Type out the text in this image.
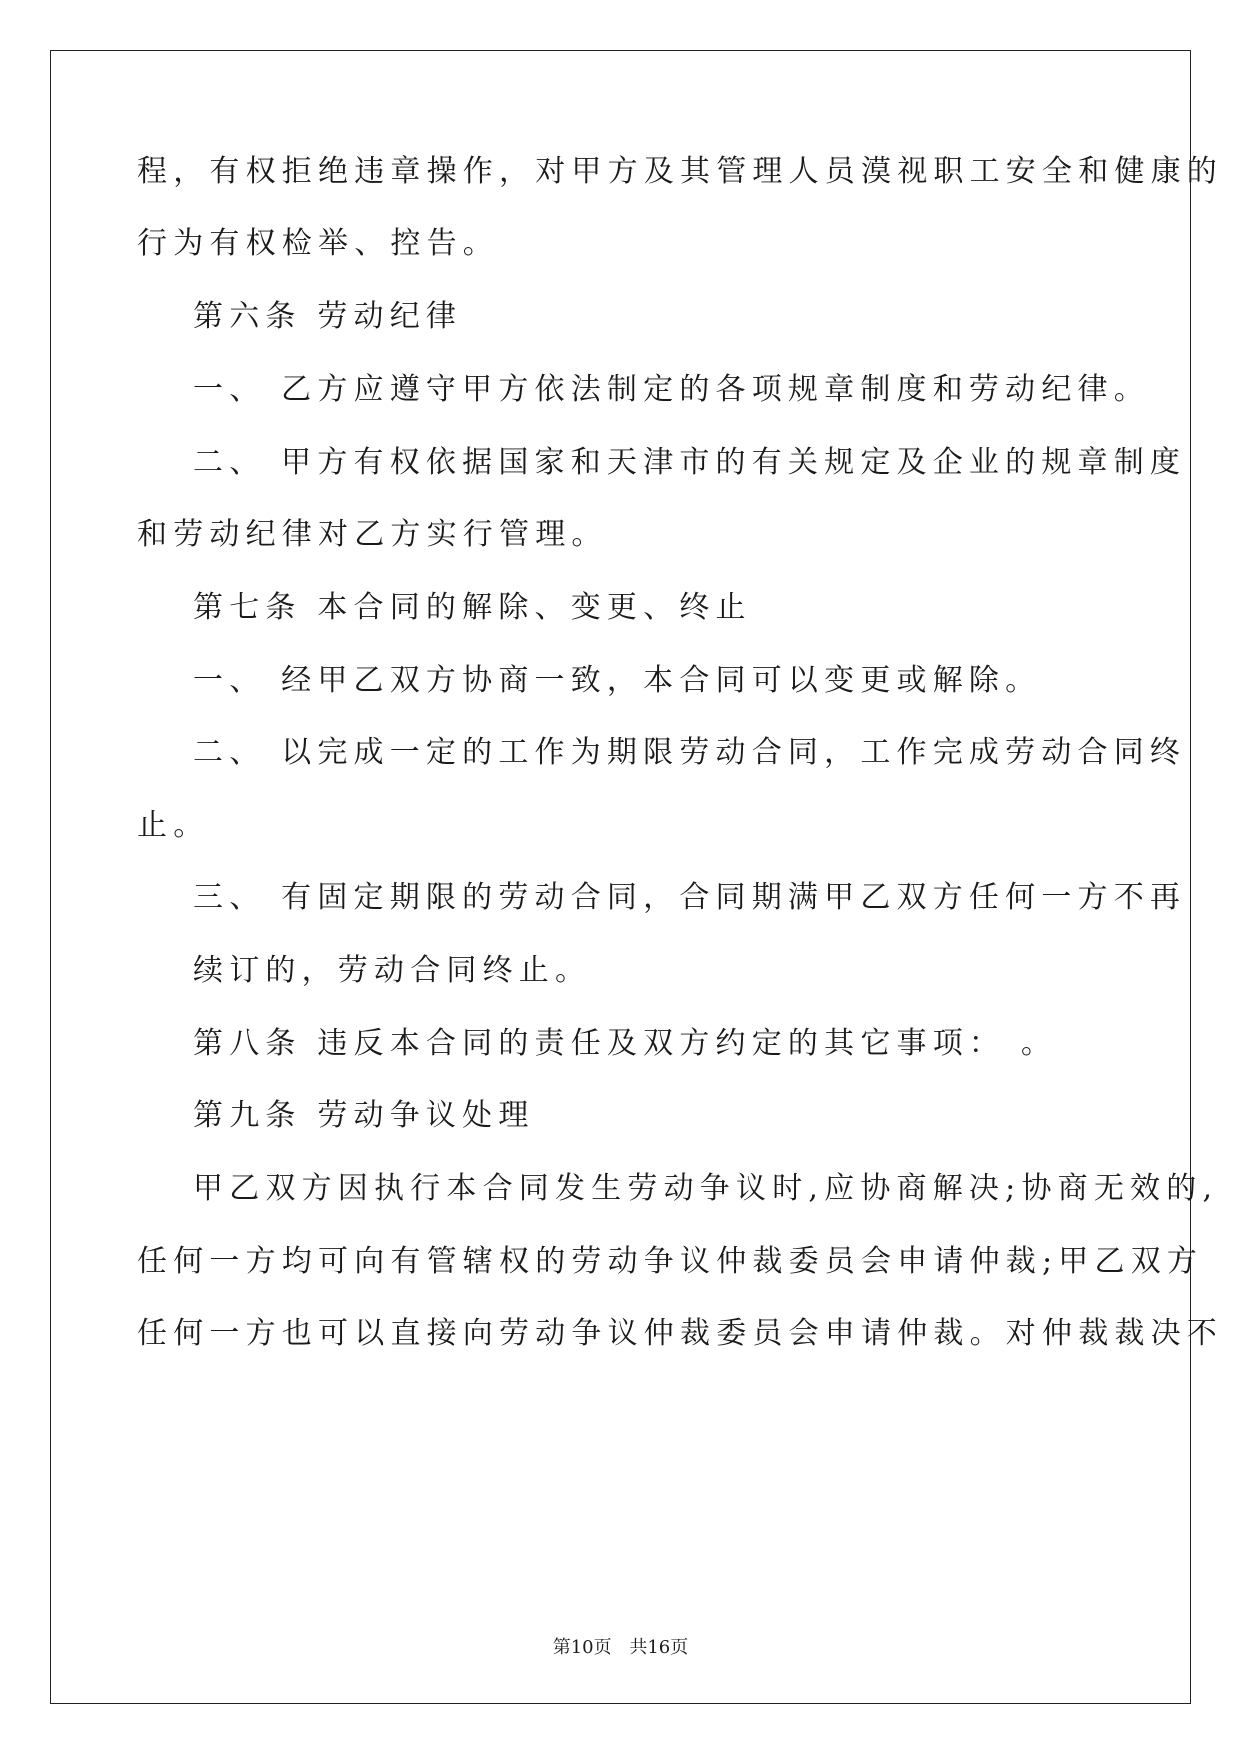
程，有权拒绝违章操作，对甲方及其管理人员漠视职工安全和健康的
行为有权检举、控告。
第六条 劳动纪律
一、 乙方应遵守甲方依法制定的各项规章制度和劳动纪律。
二、 甲方有权依据国家和天津市的有关规定及企业的规章制度
和劳动纪律对乙方实行管理。
第七条 本合同的解除、变更、终止
一、 经甲乙双方协商一致，本合同可以变更或解除。
二、 以完成一定的工作为期限劳动合同，工作完成劳动合同终
止。
三、 有固定期限的劳动合同，合同期满甲乙双方任何一方不再
续订的，劳动合同终止。
第八条 违反本合同的责任及双方约定的其它事项： 。
第九条 劳动争议处理
甲乙双方因执行本合同发生劳动争议时,应协商解决;协商无效的,
任何一方均可向有管辖权的劳动争议仲裁委员会申请仲裁;甲乙双方
任何一方也可以直接向劳动争议仲裁委员会申请仲裁。对仲裁裁决不
第10页 共16页
